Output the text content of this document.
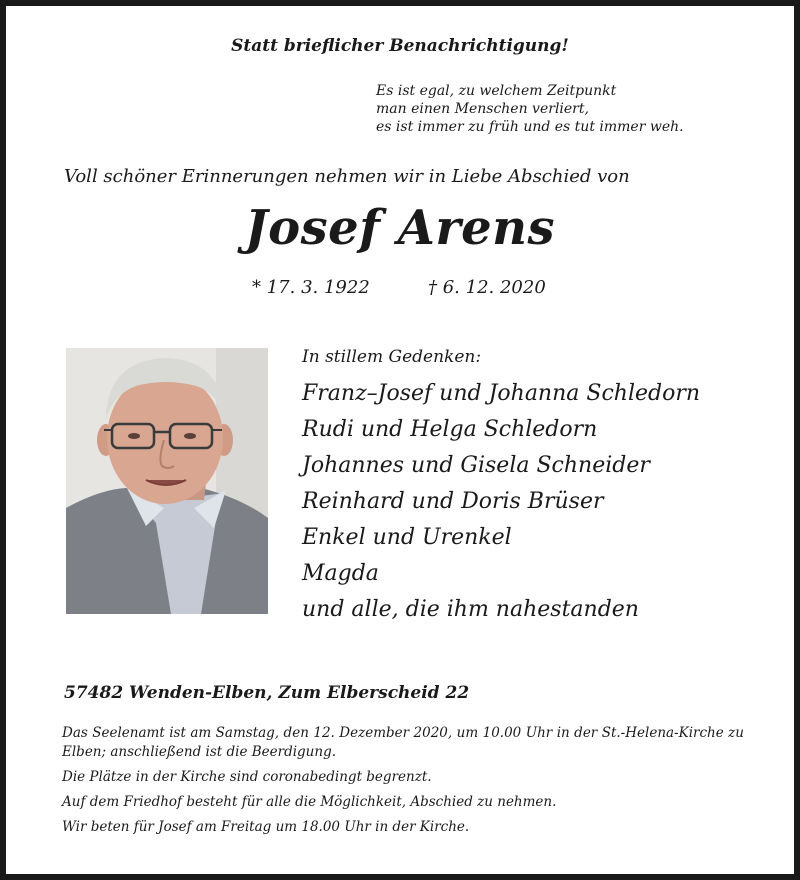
Statt brieflicher Benachrichtigung!
Es ist egal, zu welchem Zeitpunkt
man einen Menschen verliert,
es ist immer zu früh und es tut immer weh.
Voll schöner Erinnerungen nehmen wir in Liebe Abschied von
Josef Arens
* 17. 3. 1922	† 6. 12. 2020
In stillem Gedenken:
Franz–Josef und Johanna Schledorn
Rudi und Helga Schledorn
Johannes und Gisela Schneider
Reinhard und Doris Brüser
Enkel und Urenkel
Magda
und alle, die ihm nahestanden
57482 Wenden-Elben, Zum Elberscheid 22

Das Seelenamt ist am Samstag, den 12. Dezember 2020, um 10.00 Uhr in der St.-Helena-Kirche zu Elben; anschließend ist die Beerdigung.

Die Plätze in der Kirche sind coronabedingt begrenzt.

Auf dem Friedhof besteht für alle die Möglichkeit, Abschied zu nehmen.

Wir beten für Josef am Freitag um 18.00 Uhr in der Kirche.
